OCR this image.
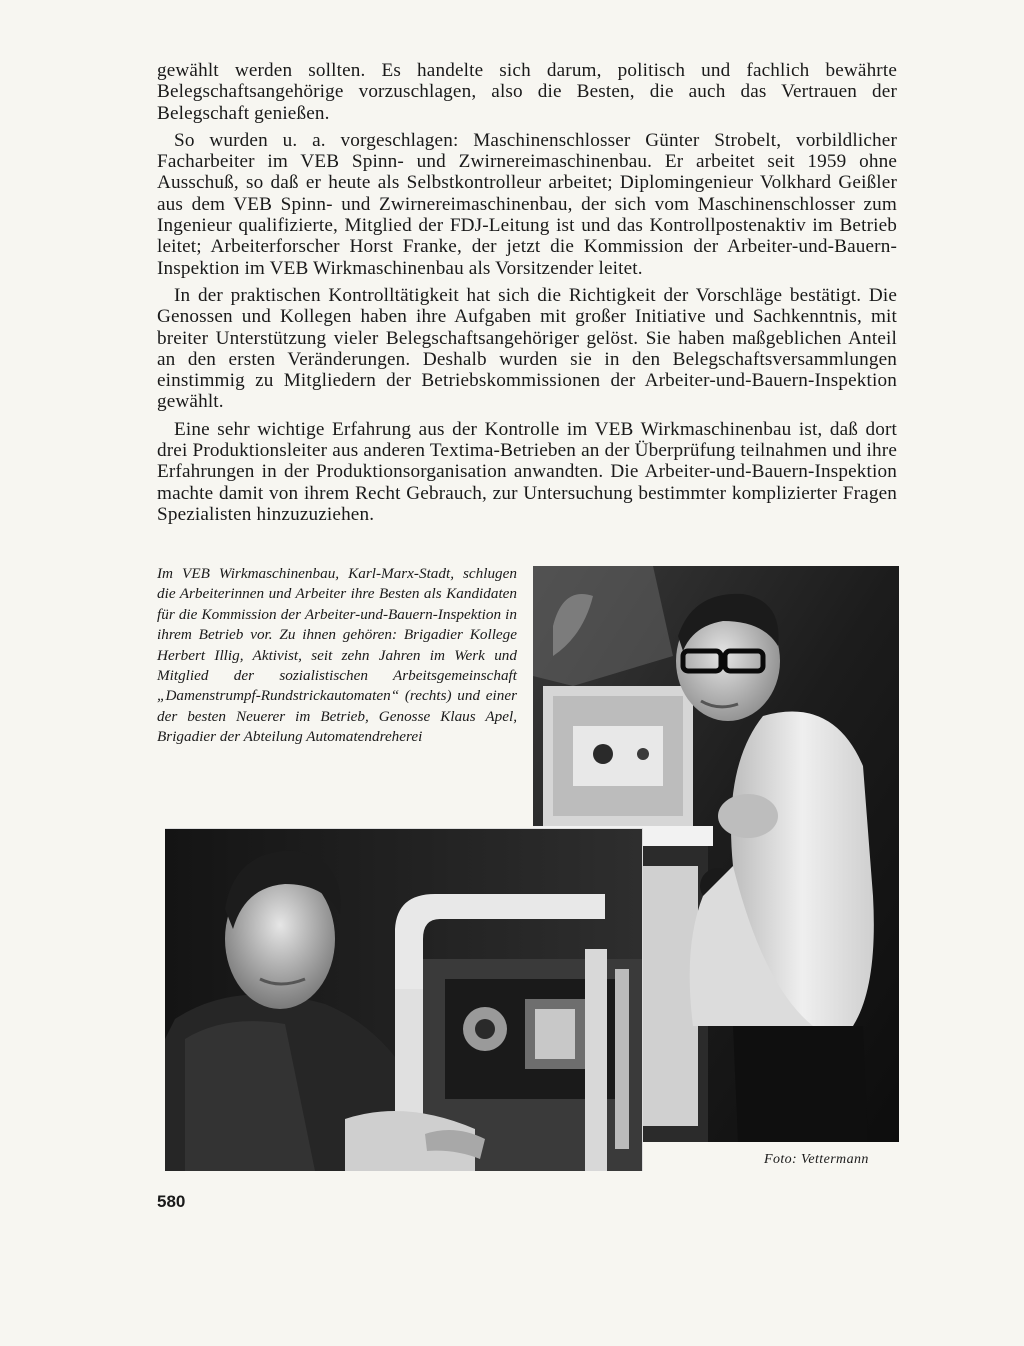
gewählt werden sollten. Es handelte sich darum, politisch und fachlich bewährte Belegschaftsangehörige vorzuschlagen, also die Besten, die auch das Vertrauen der Belegschaft genießen.

So wurden u. a. vorgeschlagen: Maschinenschlosser Günter Strobelt, vorbildlicher Facharbeiter im VEB Spinn- und Zwirnereimaschinenbau. Er arbeitet seit 1959 ohne Ausschuß, so daß er heute als Selbstkontrolleur arbeitet; Diplomingenieur Volkhard Geißler aus dem VEB Spinn- und Zwirnereimaschinenbau, der sich vom Maschinenschlosser zum Ingenieur qualifizierte, Mitglied der FDJ-Leitung ist und das Kontrollpostenaktiv im Betrieb leitet; Arbeiterforscher Horst Franke, der jetzt die Kommission der Arbeiter-und-Bauern-Inspektion im VEB Wirkmaschinenbau als Vorsitzender leitet.

In der praktischen Kontrolltätigkeit hat sich die Richtigkeit der Vorschläge bestätigt. Die Genossen und Kollegen haben ihre Aufgaben mit großer Initiative und Sachkenntnis, mit breiter Unterstützung vieler Belegschaftsangehöriger gelöst. Sie haben maßgeblichen Anteil an den ersten Veränderungen. Deshalb wurden sie in den Belegschaftsversammlungen einstimmig zu Mitgliedern der Betriebskommissionen der Arbeiter-und-Bauern-Inspektion gewählt.

Eine sehr wichtige Erfahrung aus der Kontrolle im VEB Wirkmaschinenbau ist, daß dort drei Produktionsleiter aus anderen Textima-Betrieben an der Überprüfung teilnahmen und ihre Erfahrungen in der Produktionsorganisation anwandten. Die Arbeiter-und-Bauern-Inspektion machte damit von ihrem Recht Gebrauch, zur Untersuchung bestimmter komplizierter Fragen Spezialisten hinzuzuziehen.

Im VEB Wirkmaschinenbau, Karl-Marx-Stadt, schlugen die Arbeiterinnen und Arbeiter ihre Besten als Kandidaten für die Kommission der Arbeiter-und-Bauern-Inspektion in ihrem Betrieb vor. Zu ihnen gehören: Brigadier Kollege Herbert Illig, Aktivist, seit zehn Jahren im Werk und Mitglied der sozialistischen Arbeitsgemeinschaft „Damenstrumpf-Rundstrickautomaten“ (rechts) und einer der besten Neuerer im Betrieb, Genosse Klaus Apel, Brigadier der Abteilung Automatendreherei

Foto: Vettermann
580
